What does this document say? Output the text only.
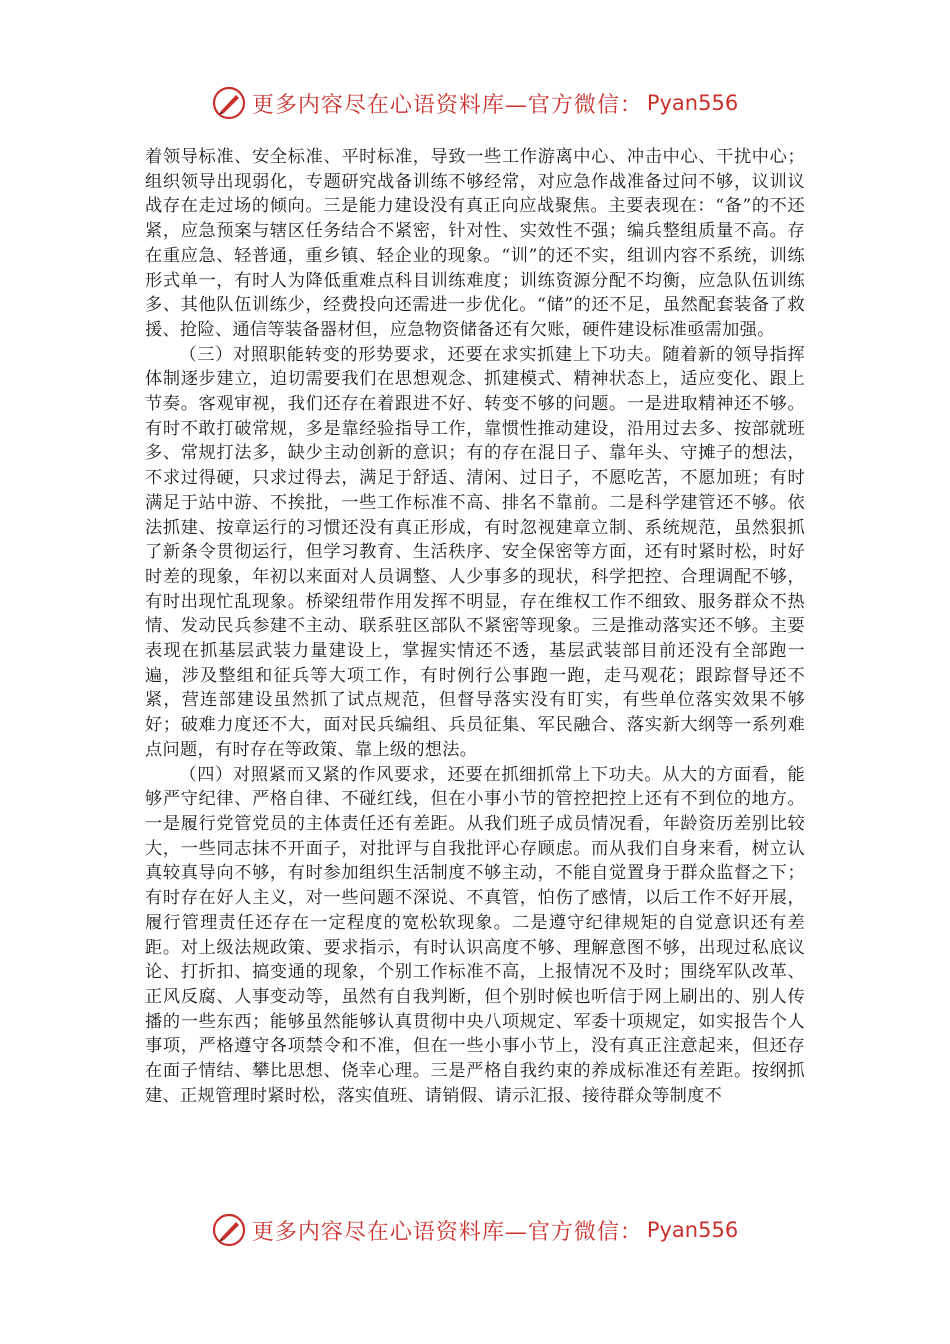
更多内容尽在心语资料库—官方微信： Pyan556

着领导标准、安全标准、平时标准，导致一些工作游离中心、冲击中心、干扰中心；组织领导出现弱化，专题研究战备训练不够经常，对应急作战准备过问不够，议训议战存在走过场的倾向。三是能力建设没有真正向应战聚焦。主要表现在：“备”的不还紧，应急预案与辖区任务结合不紧密，针对性、实效性不强；编兵整组质量不高。存在重应急、轻普通，重乡镇、轻企业的现象。“训”的还不实，组训内容不系统，训练形式单一，有时人为降低重难点科目训练难度；训练资源分配不均衡，应急队伍训练多、其他队伍训练少，经费投向还需进一步优化。“储”的还不足，虽然配套装备了救援、抢险、通信等装备器材但，应急物资储备还有欠账，硬件建设标准亟需加强。

（三）对照职能转变的形势要求，还要在求实抓建上下功夫。随着新的领导指挥体制逐步建立，迫切需要我们在思想观念、抓建模式、精神状态上，适应变化、跟上节奏。客观审视，我们还存在着跟进不好、转变不够的问题。一是进取精神还不够。有时不敢打破常规，多是靠经验指导工作，靠惯性推动建设，沿用过去多、按部就班多、常规打法多，缺少主动创新的意识；有的存在混日子、靠年头、守摊子的想法，不求过得硬，只求过得去，满足于舒适、清闲、过日子，不愿吃苦，不愿加班；有时满足于站中游、不挨批，一些工作标准不高、排名不靠前。二是科学建管还不够。依法抓建、按章运行的习惯还没有真正形成，有时忽视建章立制、系统规范，虽然狠抓了新条令贯彻运行，但学习教育、生活秩序、安全保密等方面，还有时紧时松，时好时差的现象，年初以来面对人员调整、人少事多的现状，科学把控、合理调配不够，有时出现忙乱现象。桥梁纽带作用发挥不明显，存在维权工作不细致、服务群众不热情、发动民兵参建不主动、联系驻区部队不紧密等现象。三是推动落实还不够。主要表现在抓基层武装力量建设上，掌握实情还不透，基层武装部目前还没有全部跑一遍，涉及整组和征兵等大项工作，有时例行公事跑一跑，走马观花；跟踪督导还不紧，营连部建设虽然抓了试点规范，但督导落实没有盯实，有些单位落实效果不够好；破难力度还不大，面对民兵编组、兵员征集、军民融合、落实新大纲等一系列难点问题，有时存在等政策、靠上级的想法。

（四）对照紧而又紧的作风要求，还要在抓细抓常上下功夫。从大的方面看，能够严守纪律、严格自律、不碰红线，但在小事小节的管控把控上还有不到位的地方。一是履行党管党员的主体责任还有差距。从我们班子成员情况看，年龄资历差别比较大，一些同志抹不开面子，对批评与自我批评心存顾虑。而从我们自身来看，树立认真较真导向不够，有时参加组织生活制度不够主动，不能自觉置身于群众监督之下；有时存在好人主义，对一些问题不深说、不真管，怕伤了感情，以后工作不好开展，履行管理责任还存在一定程度的宽松软现象。二是遵守纪律规矩的自觉意识还有差距。对上级法规政策、要求指示，有时认识高度不够、理解意图不够，出现过私底议论、打折扣、搞变通的现象，个别工作标准不高，上报情况不及时；围绕军队改革、正风反腐、人事变动等，虽然有自我判断，但个别时候也听信于网上刷出的、别人传播的一些东西；能够虽然能够认真贯彻中央八项规定、军委十项规定，如实报告个人事项，严格遵守各项禁令和不准，但在一些小事小节上，没有真正注意起来，但还存在面子情结、攀比思想、侥幸心理。三是严格自我约束的养成标准还有差距。按纲抓建、正规管理时紧时松，落实值班、请销假、请示汇报、接待群众等制度不

更多内容尽在心语资料库—官方微信： Pyan556
